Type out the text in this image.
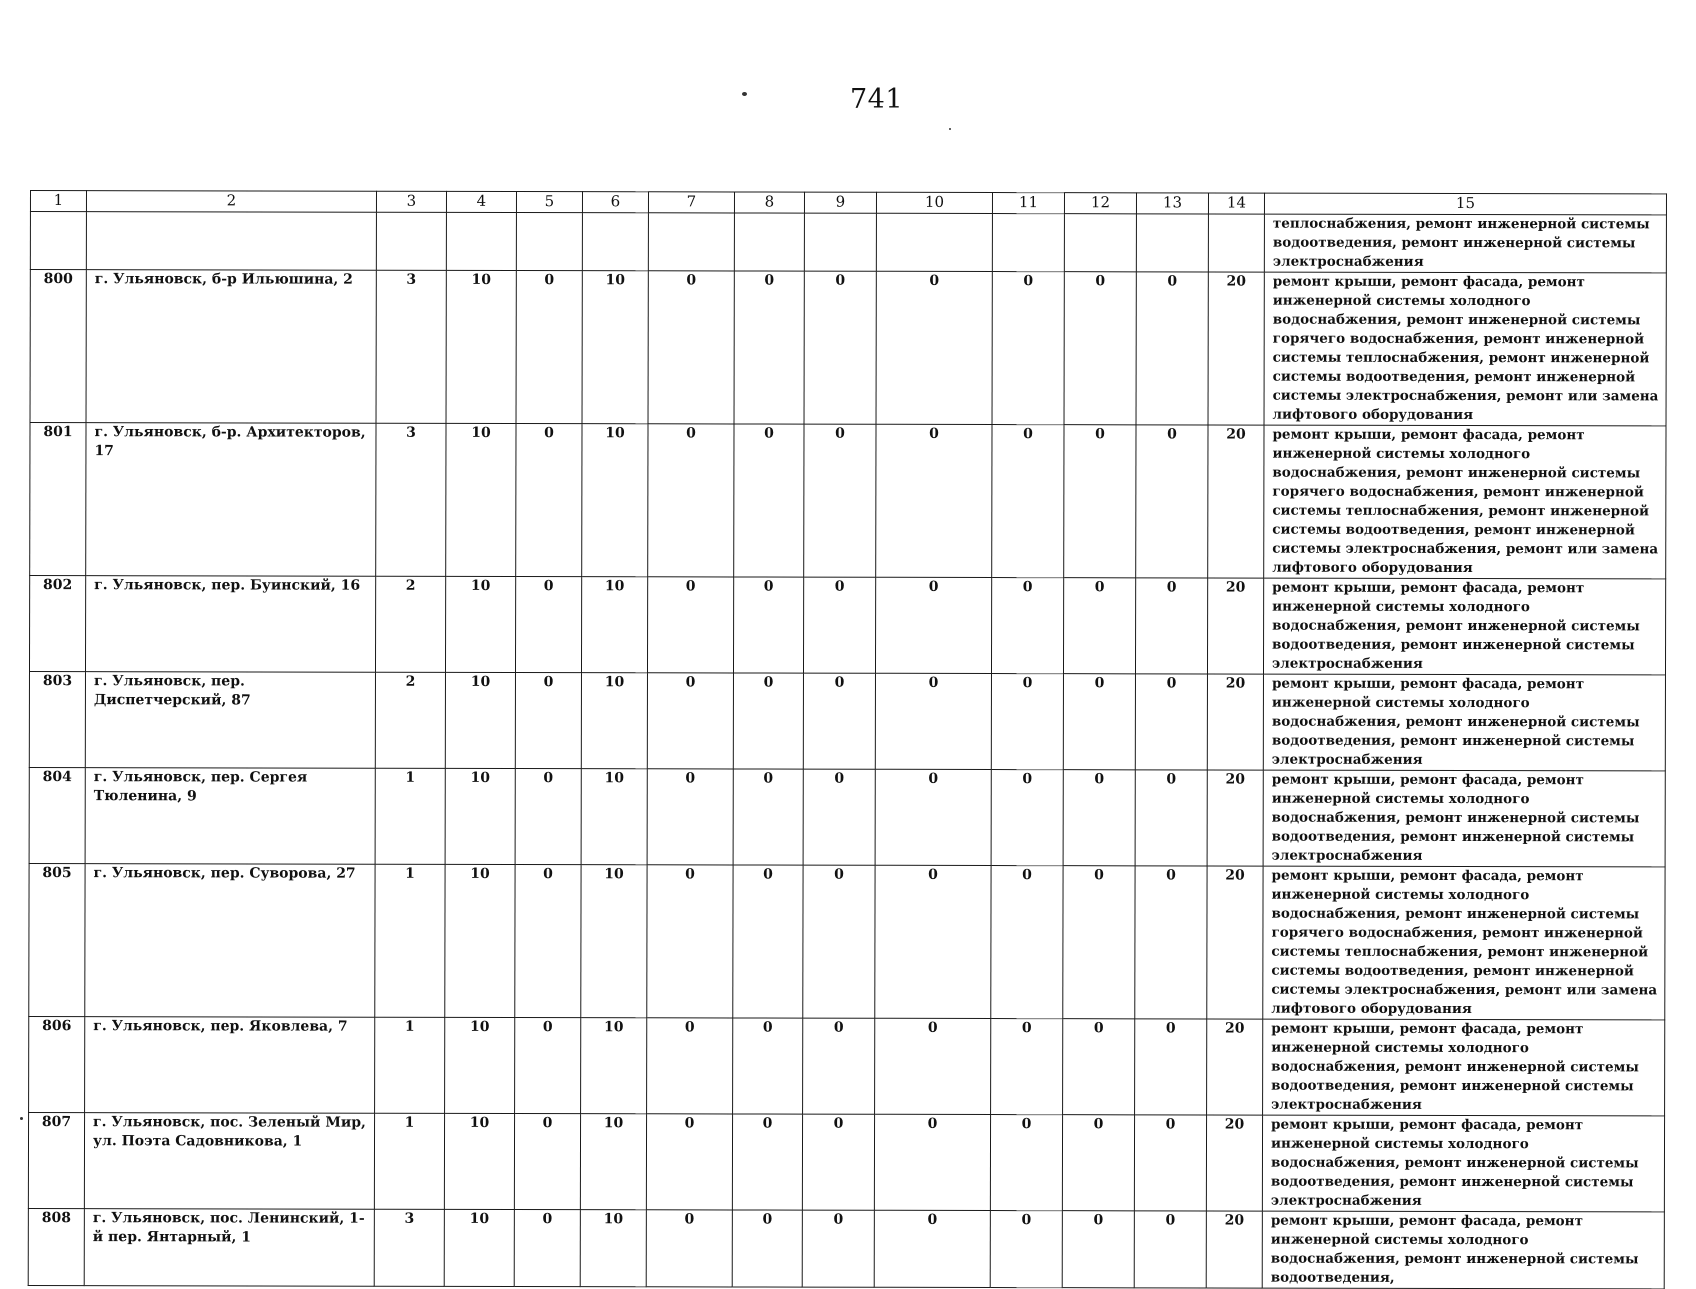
741
1	2	3	4	5	6	7	8	9	10	11	12	13	14	15
														теплоснабжения, ремонт инженерной системы водоотведения, ремонт инженерной системы электроснабжения
800	г. Ульяновск, б-р Ильюшина, 2	3	10	0	10	0	0	0	0	0	0	0	20	ремонт крыши, ремонт фасада, ремонт инженерной системы холодного водоснабжения, ремонт инженерной системы горячего водоснабжения, ремонт инженерной системы теплоснабжения, ремонт инженерной системы водоотведения, ремонт инженерной системы электроснабжения, ремонт или замена лифтового оборудования
801	г. Ульяновск, б-р. Архитекторов, 17	3	10	0	10	0	0	0	0	0	0	0	20	ремонт крыши, ремонт фасада, ремонт инженерной системы холодного водоснабжения, ремонт инженерной системы горячего водоснабжения, ремонт инженерной системы теплоснабжения, ремонт инженерной системы водоотведения, ремонт инженерной системы электроснабжения, ремонт или замена лифтового оборудования
802	г. Ульяновск, пер. Буинский, 16	2	10	0	10	0	0	0	0	0	0	0	20	ремонт крыши, ремонт фасада, ремонт инженерной системы холодного водоснабжения, ремонт инженерной системы водоотведения, ремонт инженерной системы электроснабжения
803	г. Ульяновск, пер. Диспетчерский, 87	2	10	0	10	0	0	0	0	0	0	0	20	ремонт крыши, ремонт фасада, ремонт инженерной системы холодного водоснабжения, ремонт инженерной системы водоотведения, ремонт инженерной системы электроснабжения
804	г. Ульяновск, пер. Сергея Тюленина, 9	1	10	0	10	0	0	0	0	0	0	0	20	ремонт крыши, ремонт фасада, ремонт инженерной системы холодного водоснабжения, ремонт инженерной системы водоотведения, ремонт инженерной системы электроснабжения
805	г. Ульяновск, пер. Суворова, 27	1	10	0	10	0	0	0	0	0	0	0	20	ремонт крыши, ремонт фасада, ремонт инженерной системы холодного водоснабжения, ремонт инженерной системы горячего водоснабжения, ремонт инженерной системы теплоснабжения, ремонт инженерной системы водоотведения, ремонт инженерной системы электроснабжения, ремонт или замена лифтового оборудования
806	г. Ульяновск, пер. Яковлева, 7	1	10	0	10	0	0	0	0	0	0	0	20	ремонт крыши, ремонт фасада, ремонт инженерной системы холодного водоснабжения, ремонт инженерной системы водоотведения, ремонт инженерной системы электроснабжения
807	г. Ульяновск, пос. Зеленый Мир, ул. Поэта Садовникова, 1	1	10	0	10	0	0	0	0	0	0	0	20	ремонт крыши, ремонт фасада, ремонт инженерной системы холодного водоснабжения, ремонт инженерной системы водоотведения, ремонт инженерной системы электроснабжения
808	г. Ульяновск, пос. Ленинский, 1-й пер. Янтарный, 1	3	10	0	10	0	0	0	0	0	0	0	20	ремонт крыши, ремонт фасада, ремонт инженерной системы холодного водоснабжения, ремонт инженерной системы водоотведения,
